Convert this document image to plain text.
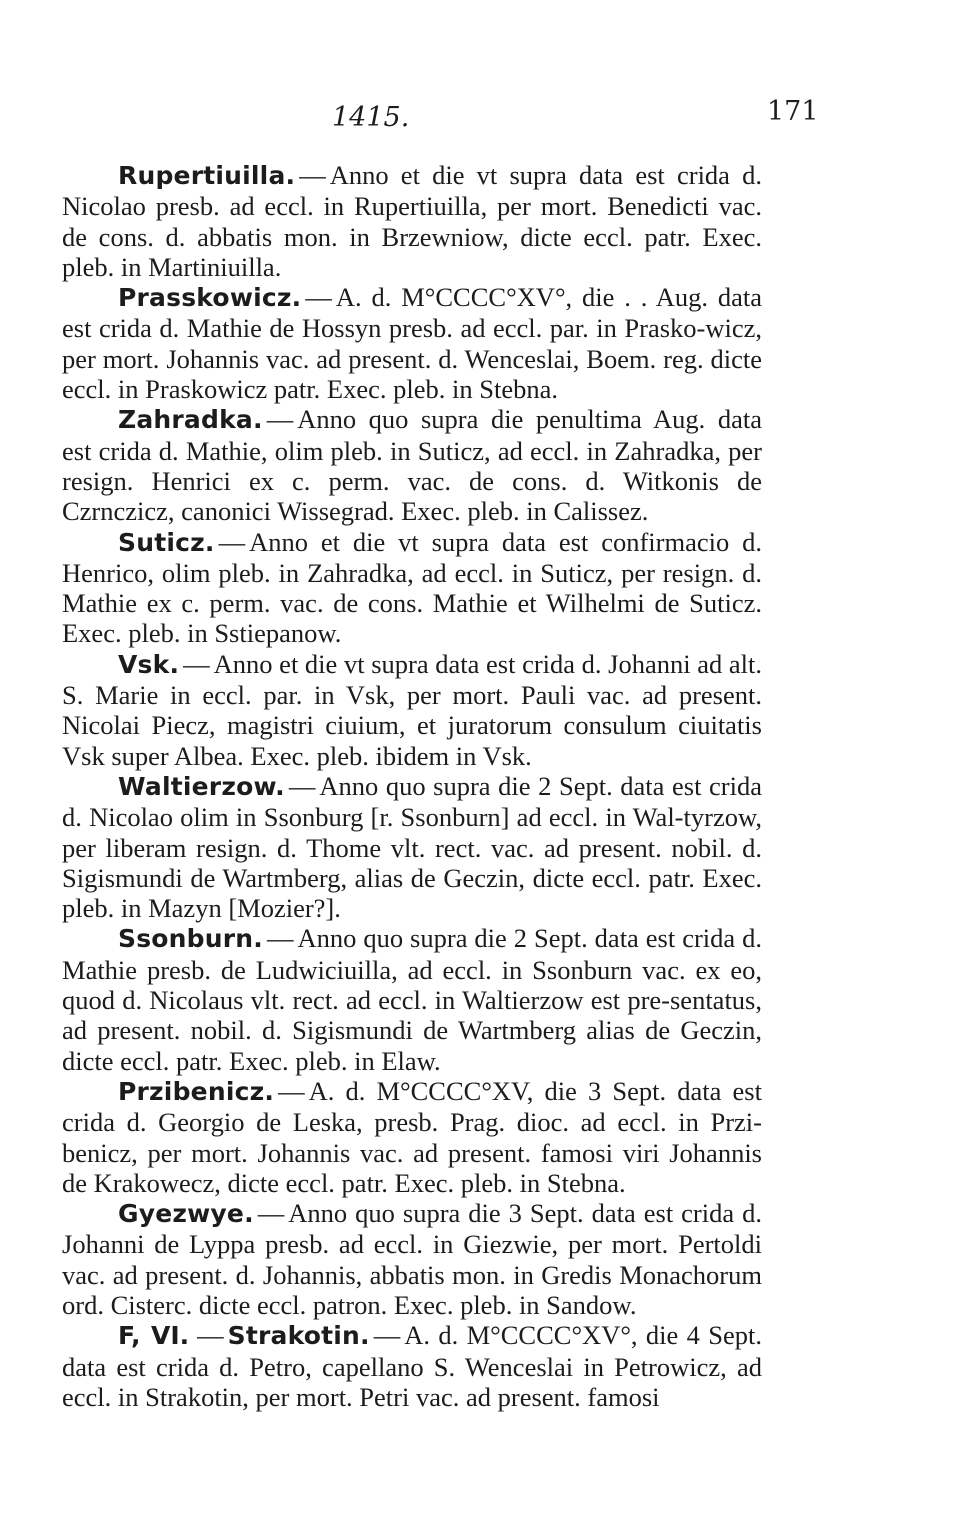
1415.	171

Rupertiuilla. — Anno et die vt supra data est crida d. Nicolao presb. ad eccl. in Rupertiuilla, per mort. Benedicti vac. de cons. d. abbatis mon. in Brzewniow, dicte eccl. patr. Exec. pleb. in Martiniuilla.

Prasskowicz. — A. d. M°CCCC°XV°, die . . Aug. data est crida d. Mathie de Hossyn presb. ad eccl. par. in Prasko-wicz, per mort. Johannis vac. ad present. d. Wenceslai, Boem. reg. dicte eccl. in Praskowicz patr. Exec. pleb. in Stebna.

Zahradka. — Anno quo supra die penultima Aug. data est crida d. Mathie, olim pleb. in Suticz, ad eccl. in Zahradka, per resign. Henrici ex c. perm. vac. de cons. d. Witkonis de Czrnczicz, canonici Wissegrad. Exec. pleb. in Calissez.

Suticz. — Anno et die vt supra data est confirmacio d. Henrico, olim pleb. in Zahradka, ad eccl. in Suticz, per resign. d. Mathie ex c. perm. vac. de cons. Mathie et Wilhelmi de Suticz. Exec. pleb. in Sstiepanow.

Vsk. — Anno et die vt supra data est crida d. Johanni ad alt. S. Marie in eccl. par. in Vsk, per mort. Pauli vac. ad present. Nicolai Piecz, magistri ciuium, et juratorum consulum ciuitatis Vsk super Albea. Exec. pleb. ibidem in Vsk.

Waltierzow. — Anno quo supra die 2 Sept. data est crida d. Nicolao olim in Ssonburg [r. Ssonburn] ad eccl. in Wal-tyrzow, per liberam resign. d. Thome vlt. rect. vac. ad present. nobil. d. Sigismundi de Wartmberg, alias de Geczin, dicte eccl. patr. Exec. pleb. in Mazyn [Mozier?].

Ssonburn. — Anno quo supra die 2 Sept. data est crida d. Mathie presb. de Ludwiciuilla, ad eccl. in Ssonburn vac. ex eo, quod d. Nicolaus vlt. rect. ad eccl. in Waltierzow est pre-sentatus, ad present. nobil. d. Sigismundi de Wartmberg alias de Geczin, dicte eccl. patr. Exec. pleb. in Elaw.

Przibenicz. — A. d. M°CCCC°XV, die 3 Sept. data est crida d. Georgio de Leska, presb. Prag. dioc. ad eccl. in Przi-benicz, per mort. Johannis vac. ad present. famosi viri Johannis de Krakowecz, dicte eccl. patr. Exec. pleb. in Stebna.

Gyezwye. — Anno quo supra die 3 Sept. data est crida d. Johanni de Lyppa presb. ad eccl. in Giezwie, per mort. Pertoldi vac. ad present. d. Johannis, abbatis mon. in Gredis Monachorum ord. Cisterc. dicte eccl. patron. Exec. pleb. in Sandow.

F, VI. — Strakotin. — A. d. M°CCCC°XV°, die 4 Sept. data est crida d. Petro, capellano S. Wenceslai in Petrowicz, ad eccl. in Strakotin, per mort. Petri vac. ad present. famosi
